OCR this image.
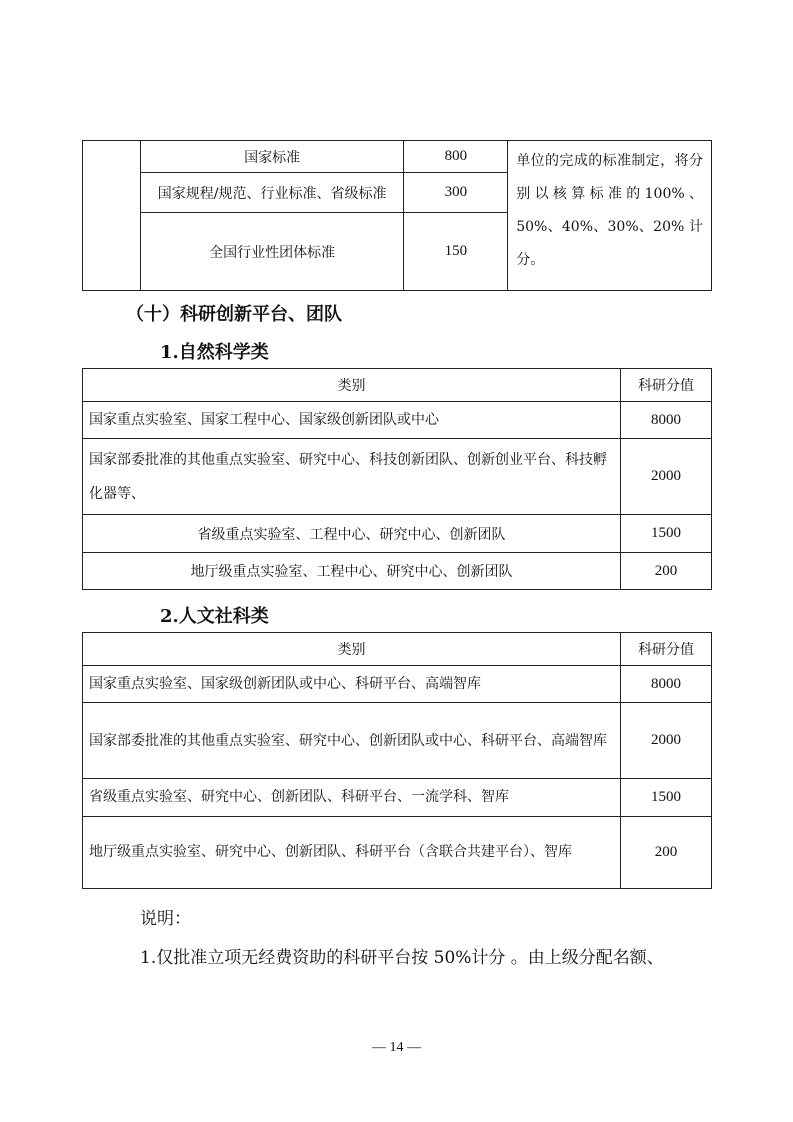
	国家标准	800	单位的完成的标准制定，将分别以核算标准的100%、50%、40%、30%、20% 计分。
	国家规程/规范、行业标准、省级标准	300	
	全国行业性团体标准	150	
（十）科研创新平台、团队
1.自然科学类
类别	科研分值
国家重点实验室、国家工程中心、国家级创新团队或中心	8000
国家部委批准的其他重点实验室、研究中心、科技创新团队、创新创业平台、科技孵化器等、	2000
省级重点实验室、工程中心、研究中心、创新团队	1500
地厅级重点实验室、工程中心、研究中心、创新团队	200
2.人文社科类
类别	科研分值
国家重点实验室、国家级创新团队或中心、科研平台、高端智库	8000
国家部委批准的其他重点实验室、研究中心、创新团队或中心、科研平台、高端智库	2000
省级重点实验室、研究中心、创新团队、科研平台、一流学科、智库	1500
地厅级重点实验室、研究中心、创新团队、科研平台（含联合共建平台）、智库	200

说明：

1.仅批准立项无经费资助的科研平台按 50%计分 。由上级分配名额、

— 14 —
